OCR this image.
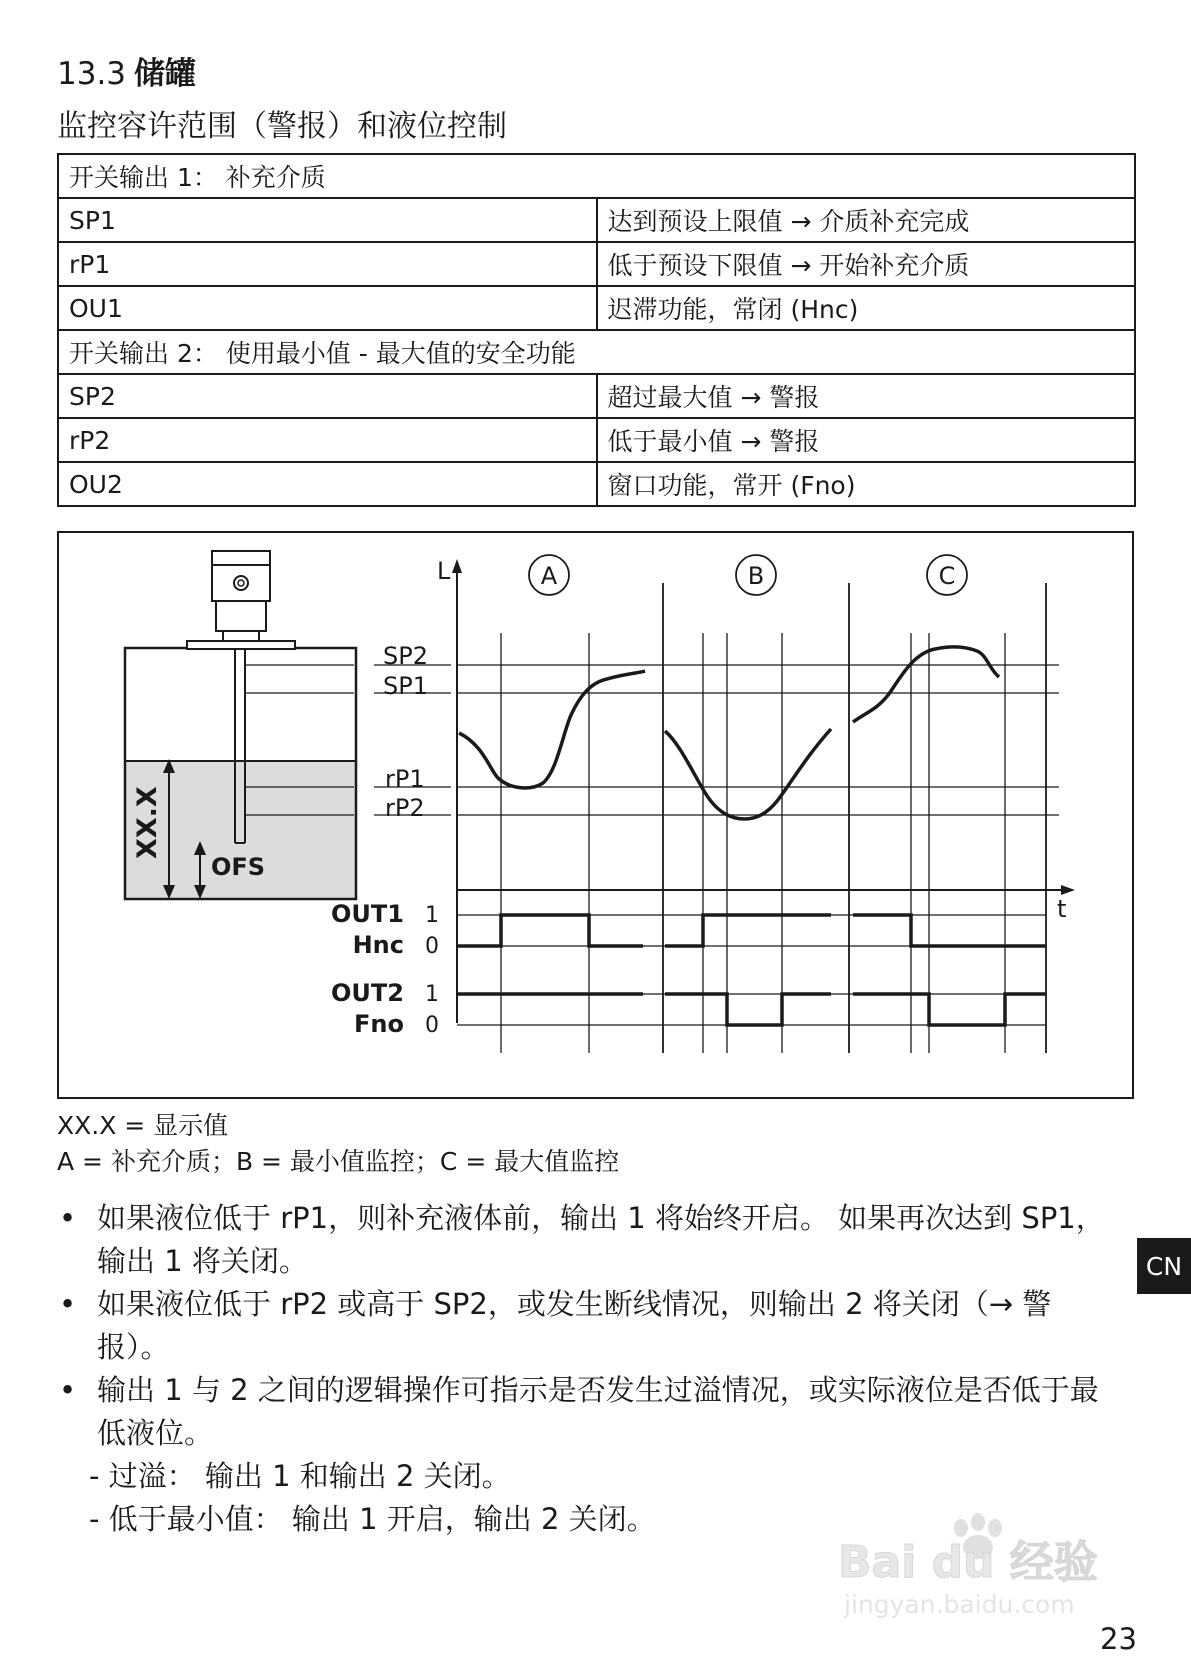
13.3 储罐
监控容许范围（警报）和液位控制
开关输出 1： 补充介质	
SP1	达到预设上限值 → 介质补充完成
rP1	低于预设下限值 → 开始补充介质
OU1	迟滞功能，常闭 (Hnc)
开关输出 2： 使用最小值 - 最大值的安全功能	
SP2	超过最大值 → 警报
rP2	低于最小值 → 警报
OU2	窗口功能，常开 (Fno)
XX.X
OFS
SP2
SP1
rP1
rP2
L
t
A	B	C
OUT1
Hnc
1
0
OUT2
Fno
1
0
XX.X = 显示值
A = 补充介质；B = 最小值监控；C = 最大值监控
• 如果液位低于 rP1，则补充液体前，输出 1 将始终开启。 如果再次达到 SP1，
输出 1 将关闭。
• 如果液位低于 rP2 或高于 SP2，或发生断线情况，则输出 2 将关闭（→ 警
报）。
• 输出 1 与 2 之间的逻辑操作可指示是否发生过溢情况，或实际液位是否低于最
低液位。
- 过溢： 输出 1 和输出 2 关闭。
- 低于最小值： 输出 1 开启，输出 2 关闭。
CN
Bai du 经验
jingyan.baidu.com
23
